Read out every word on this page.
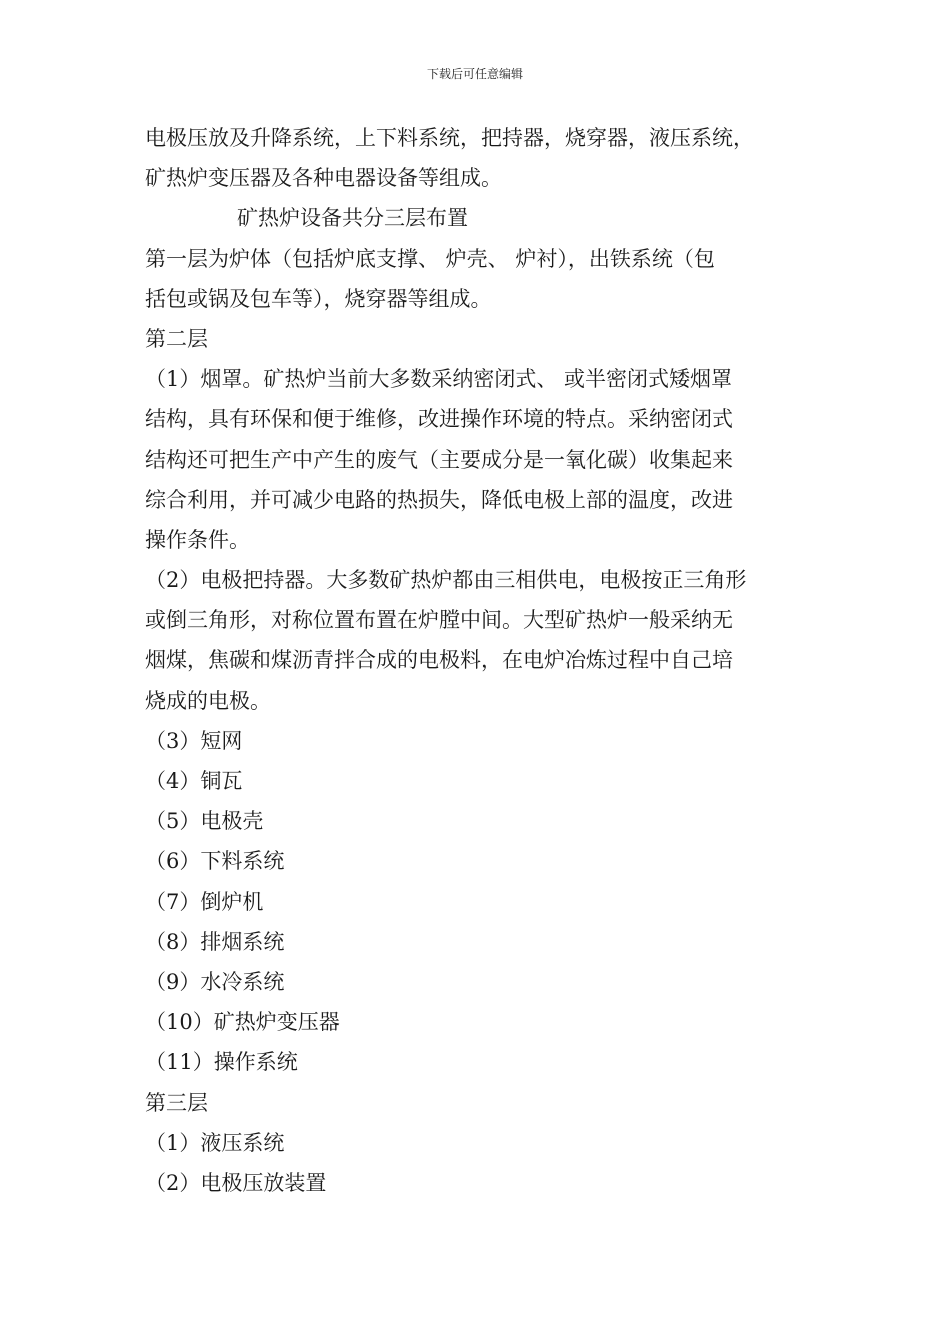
下载后可任意编辑
电极压放及升降系统，上下料系统，把持器，烧穿器，液压系统，
矿热炉变压器及各种电器设备等组成。
矿热炉设备共分三层布置
第一层为炉体（包括炉底支撑、 炉壳、 炉衬），出铁系统（包
括包或锅及包车等），烧穿器等组成。
第二层
（1）烟罩。矿热炉当前大多数采纳密闭式、 或半密闭式矮烟罩
结构，具有环保和便于维修，改进操作环境的特点。采纳密闭式
结构还可把生产中产生的废气（主要成分是一氧化碳）收集起来
综合利用，并可减少电路的热损失，降低电极上部的温度，改进
操作条件。
（2）电极把持器。大多数矿热炉都由三相供电，电极按正三角形
或倒三角形，对称位置布置在炉膛中间。大型矿热炉一般采纳无
烟煤，焦碳和煤沥青拌合成的电极料，在电炉冶炼过程中自己培
烧成的电极。
（3）短网
（4）铜瓦
（5）电极壳
（6）下料系统
（7）倒炉机
（8）排烟系统
（9）水冷系统
（10）矿热炉变压器
（11）操作系统
第三层
（1）液压系统
（2）电极压放装置
